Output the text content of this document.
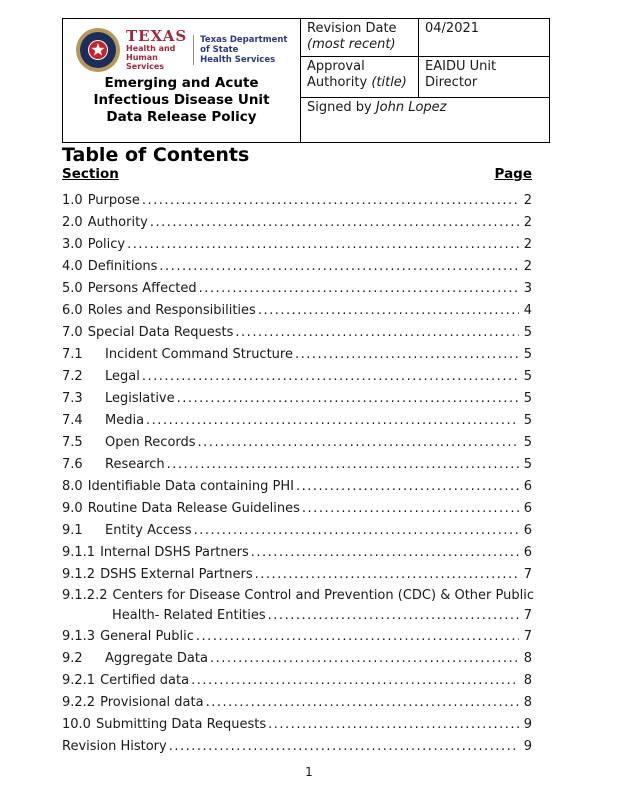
TEXAS
Health and Human
Services
Texas Department of State
Health Services
Emerging and Acute
Infectious Disease Unit
Data Release Policy
	Revision Date (most recent)	04/2021
	Approval Authority (title)	EAIDU Unit Director
	Signed by John Lopez	
Table of Contents
Section	Page
1.0 Purpose .....	2
2.0 Authority .....	2
3.0 Policy .....	2
4.0 Definitions .....	2
5.0 Persons Affected .....	3
6.0 Roles and Responsibilities .....	4
7.0 Special Data Requests .....	5
7.1	Incident Command Structure .....	5
7.2	Legal .....	5
7.3	Legislative .....	5
7.4	Media .....	5
7.5	Open Records .....	5
7.6	Research .....	5
8.0 Identifiable Data containing PHI .....	6
9.0 Routine Data Release Guidelines .....	6
9.1	Entity Access .....	6
9.1.1 Internal DSHS Partners .....	6
9.1.2 DSHS External Partners .....	7
9.1.2.2 Centers for Disease Control and Prevention (CDC) & Other Public
Health- Related Entities .....	7
9.1.3 General Public .....	7
9.2	Aggregate Data .....	8
9.2.1 Certified data .....	8
9.2.2 Provisional data .....	8
10.0 Submitting Data Requests .....	9
Revision History .....	9
1
